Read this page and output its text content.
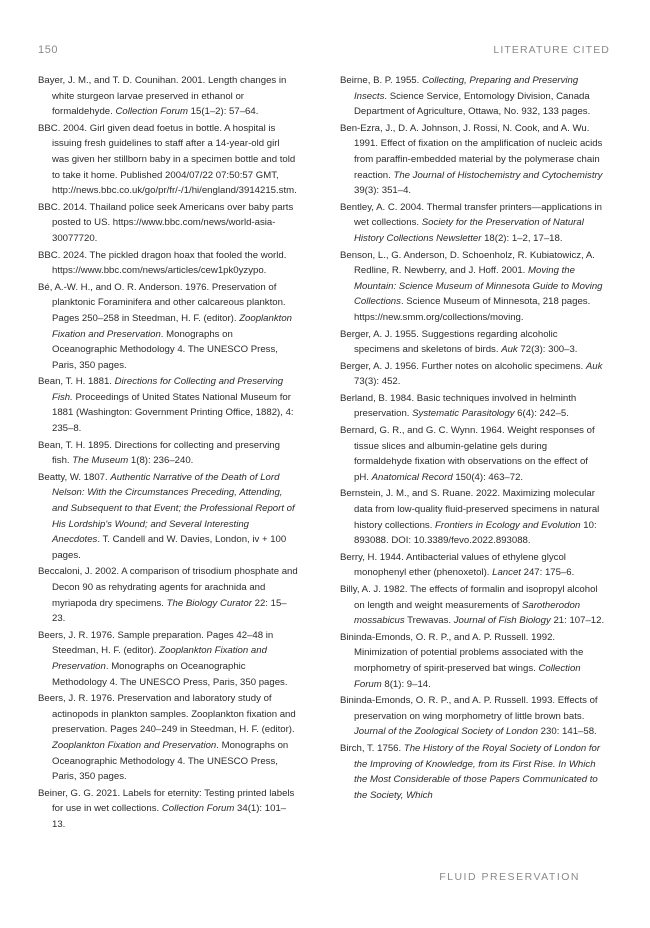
150	LITERATURE CITED

Bayer, J. M., and T. D. Counihan. 2001. Length changes in white sturgeon larvae preserved in ethanol or formaldehyde. Collection Forum 15(1–2): 57–64.

BBC. 2004. Girl given dead foetus in bottle. A hospital is issuing fresh guidelines to staff after a 14-year-old girl was given her stillborn baby in a specimen bottle and told to take it home. Published 2004/07/22 07:50:57 GMT, http://news.bbc.co.uk/go/pr/fr/-/1/hi/england/3914215.stm.

BBC. 2014. Thailand police seek Americans over baby parts posted to US. https://www.bbc.com/news/world-asia-30077720.

BBC. 2024. The pickled dragon hoax that fooled the world. https://www.bbc.com/news/articles/cew1pk0yzypo.

Bé, A.-W. H., and O. R. Anderson. 1976. Preservation of planktonic Foraminifera and other calcareous plankton. Pages 250–258 in Steedman, H. F. (editor). Zooplankton Fixation and Preservation. Monographs on Oceanographic Methodology 4. The UNESCO Press, Paris, 350 pages.

Bean, T. H. 1881. Directions for Collecting and Preserving Fish. Proceedings of United States National Museum for 1881 (Washington: Government Printing Office, 1882), 4: 235–8.

Bean, T. H. 1895. Directions for collecting and preserving fish. The Museum 1(8): 236–240.

Beatty, W. 1807. Authentic Narrative of the Death of Lord Nelson: With the Circumstances Preceding, Attending, and Subsequent to that Event; the Professional Report of His Lordship's Wound; and Several Interesting Anecdotes. T. Candell and W. Davies, London, iv + 100 pages.

Beccaloni, J. 2002. A comparison of trisodium phosphate and Decon 90 as rehydrating agents for arachnida and myriapoda dry specimens. The Biology Curator 22: 15–23.

Beers, J. R. 1976. Sample preparation. Pages 42–48 in Steedman, H. F. (editor). Zooplankton Fixation and Preservation. Monographs on Oceanographic Methodology 4. The UNESCO Press, Paris, 350 pages.

Beers, J. R. 1976. Preservation and laboratory study of actinopods in plankton samples. Zooplankton fixation and preservation. Pages 240–249 in Steedman, H. F. (editor). Zooplankton Fixation and Preservation. Monographs on Oceanographic Methodology 4. The UNESCO Press, Paris, 350 pages.

Beiner, G. G. 2021. Labels for eternity: Testing printed labels for use in wet collections. Collection Forum 34(1): 101–13.

Beirne, B. P. 1955. Collecting, Preparing and Preserving Insects. Science Service, Entomology Division, Canada Department of Agriculture, Ottawa, No. 932, 133 pages.

Ben-Ezra, J., D. A. Johnson, J. Rossi, N. Cook, and A. Wu. 1991. Effect of fixation on the amplification of nucleic acids from paraffin-embedded material by the polymerase chain reaction. The Journal of Histochemistry and Cytochemistry 39(3): 351–4.

Bentley, A. C. 2004. Thermal transfer printers—applications in wet collections. Society for the Preservation of Natural History Collections Newsletter 18(2): 1–2, 17–18.

Benson, L., G. Anderson, D. Schoenholz, R. Kubiatowicz, A. Redline, R. Newberry, and J. Hoff. 2001. Moving the Mountain: Science Museum of Minnesota Guide to Moving Collections. Science Museum of Minnesota, 218 pages. https://new.smm.org/collections/moving.

Berger, A. J. 1955. Suggestions regarding alcoholic specimens and skeletons of birds. Auk 72(3): 300–3.

Berger, A. J. 1956. Further notes on alcoholic specimens. Auk 73(3): 452.

Berland, B. 1984. Basic techniques involved in helminth preservation. Systematic Parasitology 6(4): 242–5.

Bernard, G. R., and G. C. Wynn. 1964. Weight responses of tissue slices and albumin-gelatine gels during formaldehyde fixation with observations on the effect of pH. Anatomical Record 150(4): 463–72.

Bernstein, J. M., and S. Ruane. 2022. Maximizing molecular data from low-quality fluid-preserved specimens in natural history collections. Frontiers in Ecology and Evolution 10: 893088. DOI: 10.3389/fevo.2022.893088.

Berry, H. 1944. Antibacterial values of ethylene glycol monophenyl ether (phenoxetol). Lancet 247: 175–6.

Billy, A. J. 1982. The effects of formalin and isopropyl alcohol on length and weight measurements of Sarotherodon mossabicus Trewavas. Journal of Fish Biology 21: 107–12.

Bininda-Emonds, O. R. P., and A. P. Russell. 1992. Minimization of potential problems associated with the morphometry of spirit-preserved bat wings. Collection Forum 8(1): 9–14.

Bininda-Emonds, O. R. P., and A. P. Russell. 1993. Effects of preservation on wing morphometry of little brown bats. Journal of the Zoological Society of London 230: 141–58.

Birch, T. 1756. The History of the Royal Society of London for the Improving of Knowledge, from its First Rise. In Which the Most Considerable of those Papers Communicated to the Society, Which

FLUID PRESERVATION
